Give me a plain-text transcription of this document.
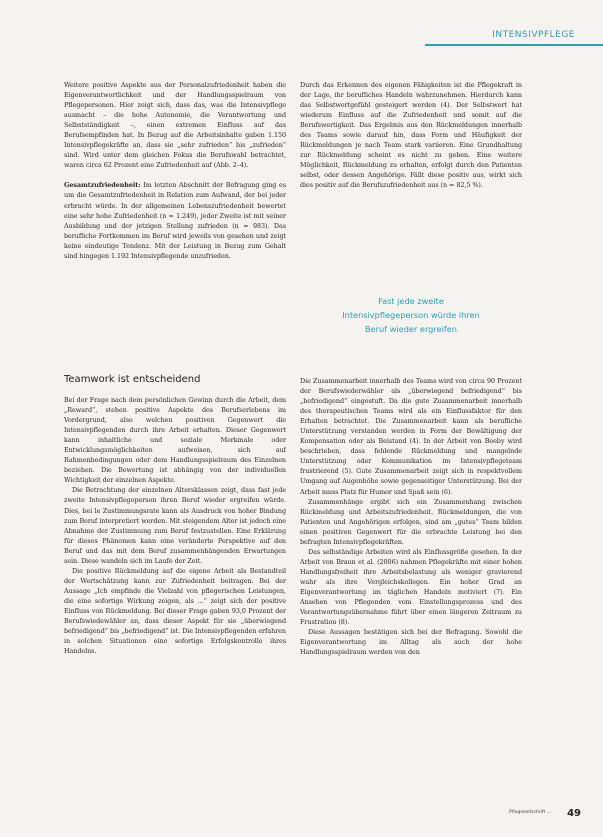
INTENSIVPFLEGE

Weitere positive Aspekte aus der Personalzufriedenheit haben die Eigenverantwortlichkeit und der Handlungsspielraum von Pflegepersonen. Hier zeigt sich, dass das, was die Intensivpflege ausmacht – die hohe Autonomie, die Verantwortung und Selbstständigkeit –, einen extremen Einfluss auf das Berufsempfinden hat. In Bezug auf die Arbeitsinhalte gaben 1.150 Intensivpflegekräfte an, dass sie „sehr zufrieden“ bis „zufrieden“ sind. Wird unter dem gleichen Fokus die Berufswahl betrachtet, waren circa 62 Prozent eine Zufriedenheit auf (Abb. 2–4).

Gesamtzufriedenheit: Im letzten Abschnitt der Befragung ging es um die Gesamtzufriedenheit in Relation zum Aufwand, der bei jeder erbracht würde. In der allgemeinen Lebenszufriedenheit bewertet eine sehr hohe Zufriedenheit (n = 1.249), jeder Zweite ist mit seiner Ausbildung und der jetzigen Stellung zufrieden (n = 983). Das berufliche Fortkommen im Beruf wird jeweils von gesehen und zeigt keine eindeutige Tendenz. Mit der Leistung in Bezug zum Gehalt sind hingegen 1.192 Intensivpflegende unzufrieden.

Durch das Erkennen des eigenen Fähigkeiten ist die Pflegekraft in der Lage, ihr berufliches Handeln wahrzunehmen. Hierdurch kann das Selbstwertgefühl gesteigert werden (4). Der Selbstwert hat wiederum Einfluss auf die Zufriedenheit und somit auf die Berufswertigkeit. Das Ergebnis aus den Rückmeldungen innerhalb des Teams sowie darauf hin, dass Form und Häufigkeit der Rückmeldungen je nach Team stark variieren. Eine Grundhaltung zur Rückmeldung scheint es nicht zu geben. Eine weitere Möglichkeit, Rückmeldung zu erhalten, erfolgt durch den Patienten selbst, oder dessen Angehörige. Fällt diese positiv aus, wirkt sich dies positiv auf die Berufszufriedenheit aus (n = 82,5 %).

Fast jede zweite
Intensivpflegeperson würde ihren
Beruf wieder ergreifen
Teamwork ist entscheidend

Bei der Frage nach dem persönlichen Gewinn durch die Arbeit, dem „Reward“, stehen positive Aspekte des Berufserlebens im Vordergrund, also welchen positiven Gegenwert die Intensivpflegenden durch ihre Arbeit erhalten. Dieser Gegenwert kann inhaltliche und soziale Merkmale oder Entwicklungsmöglichkeiten aufweisen, sich auf Rahmenbedingungen oder dem Handlungsspielraum des Einzelnen beziehen. Die Bewertung ist abhängig von der individuellen Wichtigkeit der einzelnen Aspekte.

Die Betrachtung der einzelnen Altersklassen zeigt, dass fast jede zweite Intensivpflegeperson ihren Beruf wieder ergreifen würde. Dies, bei le Zustimmungsrate kann als Ausdruck von hoher Bindung zum Beruf interpretiert werden. Mit steigendem Alter ist jedoch eine Abnahme der Zustimmung zum Beruf festzustellen. Eine Erklärung für dieses Phänomen kann eine veränderte Perspektive auf den Beruf und das mit dem Beruf zusammenhängenden Erwartungen sein. Diese wandeln sich im Laufe der Zeit.

Die positive Rückmeldung auf die eigene Arbeit als Bestandteil der Wertschätzung kann zur Zufriedenheit beitragen. Bei der Aussage „Ich empfinde die Vielzahl von pflegerischen Leistungen, die eine sofortige Wirkung zeigen, als ...“ zeigt sich der positive Einfluss von Rückmeldung. Bei dieser Frage gaben 93,0 Prozent der Berufswiedewähler an, dass dieser Aspekt für sie „überwiegend befriedigend“ bis „befriedigend“ ist. Die Intensivpflegenden erfahren in solchen Situationen eine sofortige Erfolgskontrolle ihres Handelns.

Die Zusammenarbeit innerhalb des Teams wird von circa 90 Prozent der Berufswiederwähler als „überwiegend befriedigend“ bis „befriedigend“ eingestuft. Da die gute Zusammenarbeit innerhalb des therapeutischen Teams wird als ein Einflussfaktor für den Erhalten betrachtet. Die Zusammenarbeit kann als berufliche Unterstützung verstanden werden in Form der Bewältigung der Kompensation oder als Beistand (4). In der Arbeit von Beeby wird beschrieben, dass fehlende Rückmeldung und mangelnde Unterstützung oder Kommunikation im Intensivpflegeteam frustrierend (5). Gute Zusammenarbeit zeigt sich in respektvollem Umgang auf Augenhöhe sowie gegenseitiger Unterstützung. Bei der Arbeit muss Platz für Humor und Spaß sein (6).

Zusammenhänge ergibt sich ein Zusammenhang zwischen Rückmeldung und Arbeitszufriedenheit. Rückmeldungen, die von Patienten und Angehörigen erfolgen, sind am „gutes“ Team bilden einen positiven Gegenwert für die erbrachte Leistung bei den befragten Intensivpflegekräften.

Das selbständige Arbeiten wird als Einflussgröße gesehen. In der Arbeit von Braun et al. (2006) nahmen Pflegekräfte mit einer hohen Handlungsfreiheit ihre Arbeitsbelastung als weniger gravierend wahr als ihre Vergleichskollegen. Ein hoher Grad an Eigenverantwortung im täglichen Handeln motiviert (7). Ein Ansehen von Pflegenden vom Einstellungsprozess und des Verantwortungsübernahme führt über einen längeren Zeitraum zu Frustration (8).

Diese Aussagen bestätigen sich bei der Befragung. Sowohl die Eigenverantwortung im Alltag als auch der hohe Handlungsspielraum werden von den

Pflegezeitschrift ... 49
